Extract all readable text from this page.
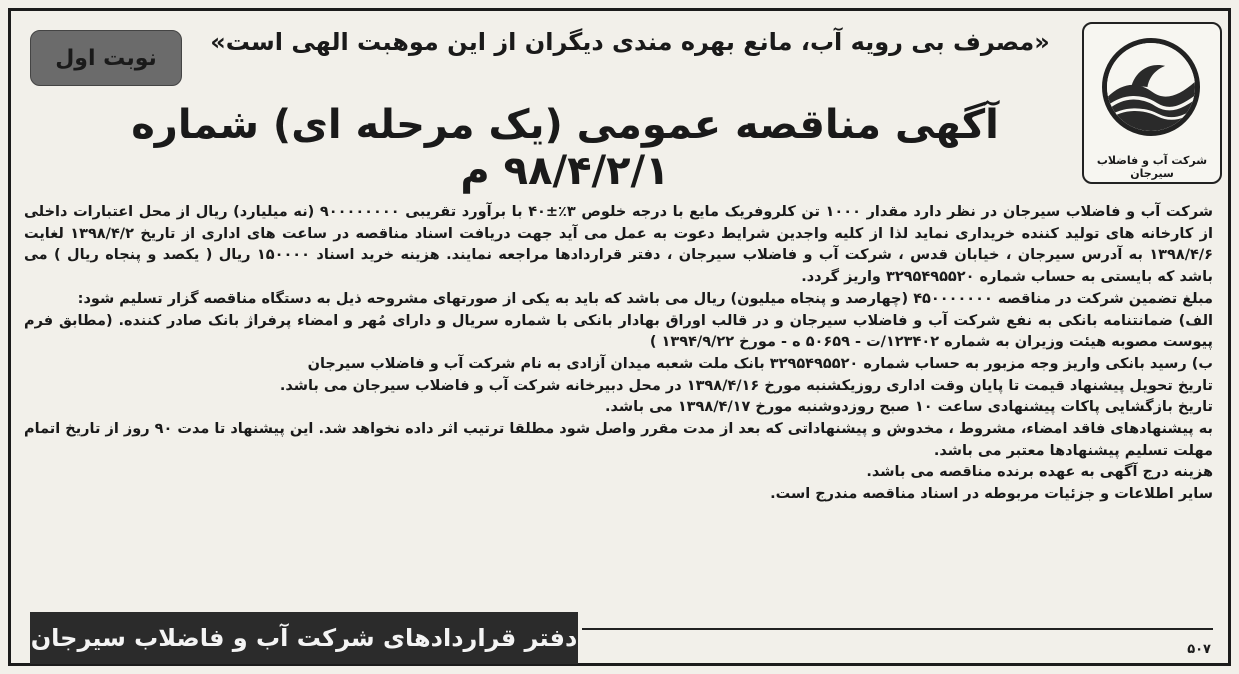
شرکت آب و فاضلاب سیرجان
«مصرف بی رویه آب، مانع بهره مندی دیگران از این موهبت الهی است»
نوبت اول
آگهی مناقصه عمومی (یک مرحله ای) شماره ۹۸/۴/۲/۱ م

شرکت آب و فاضلاب سیرجان در نظر دارد مقدار ۱۰۰۰ تن کلروفریک مایع با درجه خلوص ۳٪±۴۰ با برآورد تقریبی ۹۰۰۰۰۰۰۰۰ (نه میلیارد) ریال از محل اعتبارات داخلی از کارخانه های تولید کننده خریداری نماید لذا از کلیه واجدین شرایط دعوت به عمل می آید جهت دریافت اسناد مناقصه در ساعت های اداری از تاریخ ۱۳۹۸/۴/۲ لغایت ۱۳۹۸/۴/۶ به آدرس سیرجان ، خیابان قدس ، شرکت آب و فاضلاب سیرجان ، دفتر قراردادها مراجعه نمایند. هزینه خرید اسناد ۱۵۰۰۰۰ ریال ( یکصد و پنجاه ریال ) می باشد که بایستی به حساب شماره ۳۲۹۵۴۹۵۵۲۰ واریز گردد.

مبلغ تضمین شرکت در مناقصه ۴۵۰۰۰۰۰۰۰ (چهارصد و پنجاه میلیون) ریال می باشد که باید به یکی از صورتهای مشروحه ذیل به دستگاه مناقصه گزار تسلیم شود:

الف) ضمانتنامه بانکی به نفع شرکت آب و فاضلاب سیرجان و در قالب اوراق بهادار بانکی با شماره سریال و دارای مُهر و امضاء پرفراژ بانک صادر کننده. (مطابق فرم پیوست مصوبه هیئت وزیران به شماره ۱۲۳۴۰۲/ت - ۵۰۶۵۹ ه - مورخ ۱۳۹۴/۹/۲۲ )

ب) رسید بانکی واریز وجه مزبور به حساب شماره ۳۲۹۵۴۹۵۵۲۰ بانک ملت شعبه میدان آزادی به نام شرکت آب و فاضلاب سیرجان

تاریخ تحویل پیشنهاد قیمت تا پایان وقت اداری روزیکشنبه مورخ ۱۳۹۸/۴/۱۶ در محل دبیرخانه شرکت آب و فاضلاب سیرجان می باشد.

تاریخ بازگشایی پاکات پیشنهادی ساعت ۱۰ صبح روزدوشنبه مورخ ۱۳۹۸/۴/۱۷ می باشد.

به پیشنهادهای فاقد امضاء، مشروط ، مخدوش و پیشنهاداتی که بعد از مدت مقرر واصل شود مطلقا ترتیب اثر داده نخواهد شد. این پیشنهاد تا مدت ۹۰ روز از تاریخ اتمام مهلت تسلیم پیشنهادها معتبر می باشد.

هزینه درج آگهی به عهده برنده مناقصه می باشد.

سایر اطلاعات و جزئیات مربوطه در اسناد مناقصه مندرج است.

دفتر قراردادهای شرکت آب و فاضلاب سیرجان	۵۰۷
